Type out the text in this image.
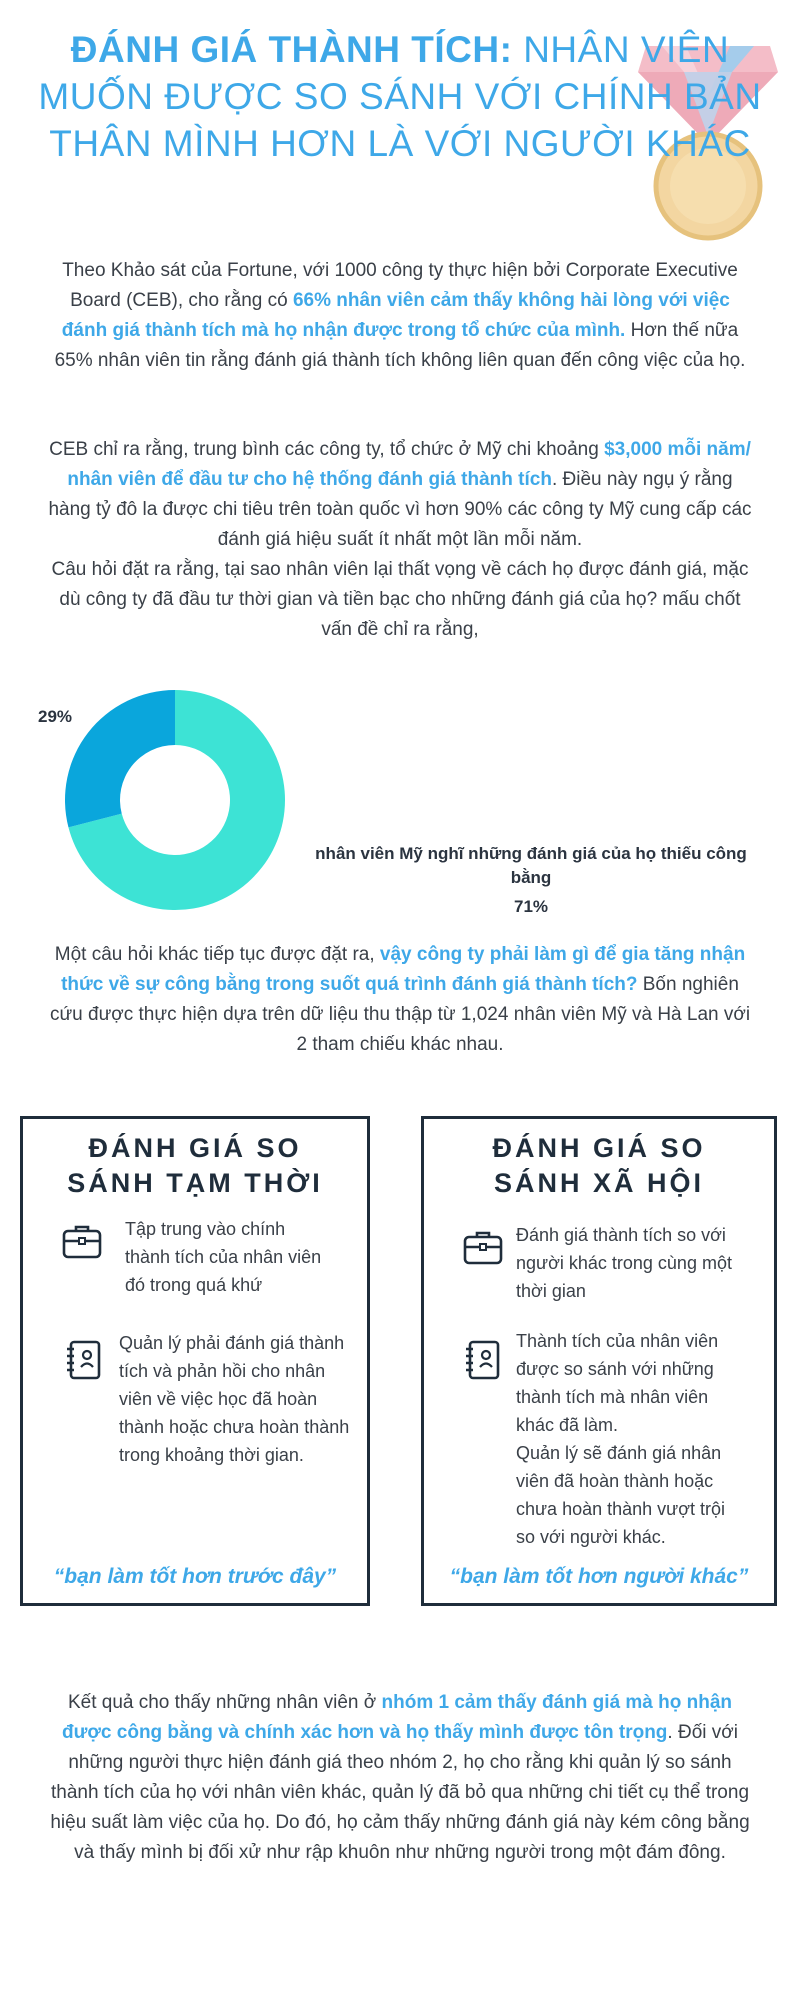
ĐÁNH GIÁ THÀNH TÍCH: NHÂN VIÊN MUỐN ĐƯỢC SO SÁNH VỚI CHÍNH BẢN THÂN MÌNH HƠN LÀ VỚI NGƯỜI KHÁC
Theo Khảo sát của Fortune, với 1000 công ty thực hiện bởi Corporate Executive Board (CEB), cho rằng có 66% nhân viên cảm thấy không hài lòng với việc đánh giá thành tích mà họ nhận được trong tổ chức của mình. Hơn thế nữa 65% nhân viên tin rằng đánh giá thành tích không liên quan đến công việc của họ.
CEB chỉ ra rằng, trung bình các công ty, tổ chức ở Mỹ chi khoảng $3,000 mỗi năm/ nhân viên để đầu tư cho hệ thống đánh giá thành tích. Điều này ngụ ý rằng hàng tỷ đô la được chi tiêu trên toàn quốc vì hơn 90% các công ty Mỹ cung cấp các đánh giá hiệu suất ít nhất một lần mỗi năm.
Câu hỏi đặt ra rằng, tại sao nhân viên lại thất vọng về cách họ được đánh giá, mặc dù công ty đã đầu tư thời gian và tiền bạc cho những đánh giá của họ? mấu chốt vấn đề chỉ ra rằng,
29%
nhân viên Mỹ nghĩ những đánh giá của họ thiếu công bằng
71%
Một câu hỏi khác tiếp tục được đặt ra, vậy công ty phải làm gì để gia tăng nhận thức về sự công bằng trong suốt quá trình đánh giá thành tích? Bốn nghiên cứu được thực hiện dựa trên dữ liệu thu thập từ 1,024 nhân viên Mỹ và Hà Lan với 2 tham chiếu khác nhau.
ĐÁNH GIÁ SO SÁNH TẠM THỜI
Tập trung vào chính thành tích của nhân viên đó trong quá khứ
Quản lý phải đánh giá thành tích và phản hồi cho nhân viên về việc học đã hoàn thành hoặc chưa hoàn thành trong khoảng thời gian.
“bạn làm tốt hơn trước đây”
ĐÁNH GIÁ SO SÁNH XÃ HỘI
Đánh giá thành tích so với người khác trong cùng một thời gian
Thành tích của nhân viên được so sánh với những thành tích mà nhân viên khác đã làm.
Quản lý sẽ đánh giá nhân viên đã hoàn thành hoặc chưa hoàn thành vượt trội so với người khác.
“bạn làm tốt hơn người khác”
Kết quả cho thấy những nhân viên ở nhóm 1 cảm thấy đánh giá mà họ nhận được công bằng và chính xác hơn và họ thấy mình được tôn trọng. Đối với những người thực hiện đánh giá theo nhóm 2, họ cho rằng khi quản lý so sánh thành tích của họ với nhân viên khác, quản lý đã bỏ qua những chi tiết cụ thể trong hiệu suất làm việc của họ. Do đó, họ cảm thấy những đánh giá này kém công bằng và thấy mình bị đối xử như rập khuôn như những người trong một đám đông.
